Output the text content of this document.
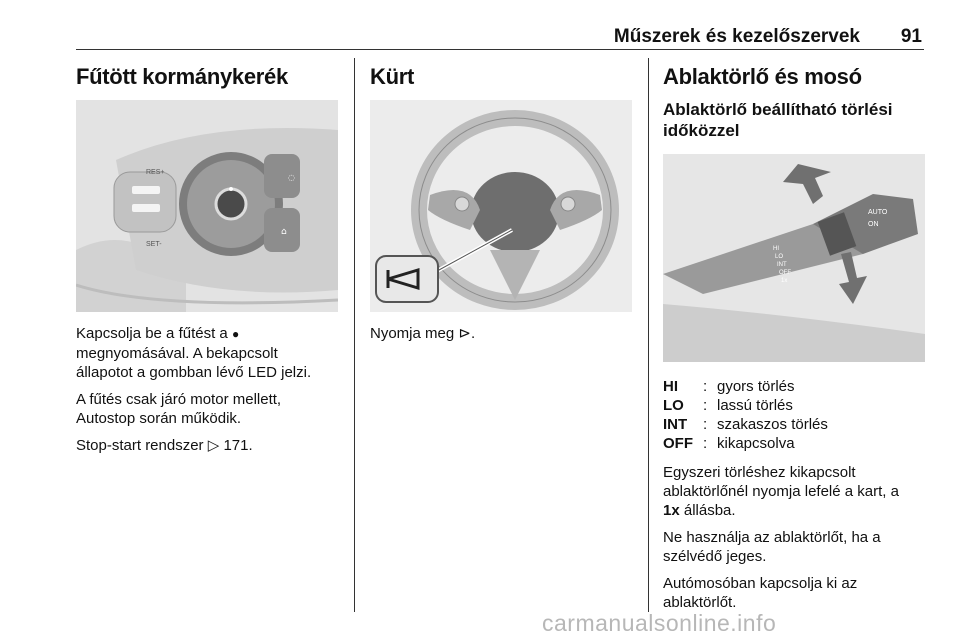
Műszerek és kezelőszervek	91
Fűtött kormánykerék
◌
⌂
RES+
SET-

Kapcsolja be a fűtést a ●
megnyomásával. A bekapcsolt
állapotot a gombban lévő LED jelzi.

A fűtés csak járó motor mellett,
Autostop során működik.

Stop-start rendszer ▷ 171.

Kürt

Nyomja meg ⊳.

Ablaktörlő és mosó
Ablaktörlő beállítható törlési
időközzel
AUTO
ON
HI
LO
INT
OFF
1x
HI	: gyors törlés
LO	: lassú törlés
INT	: szakaszos törlés
OFF : kikapcsolva

Egyszeri törléshez kikapcsolt
ablaktörlőnél nyomja lefelé a kart, a
1x állásba.

Ne használja az ablaktörlőt, ha a
szélvédő jeges.

Autómosóban kapcsolja ki az
ablaktörlőt.

carmanualsonline.info
